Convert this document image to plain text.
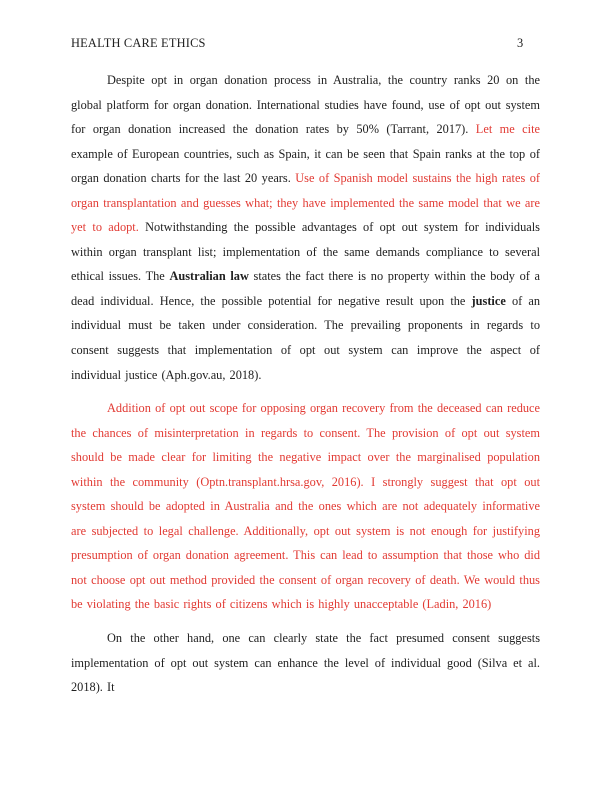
HEALTH CARE ETHICS	3

Despite opt in organ donation process in Australia, the country ranks 20 on the global platform for organ donation. International studies have found, use of opt out system for organ donation increased the donation rates by 50% (Tarrant, 2017). Let me cite example of European countries, such as Spain, it can be seen that Spain ranks at the top of organ donation charts for the last 20 years. Use of Spanish model sustains the high rates of organ transplantation and guesses what; they have implemented the same model that we are yet to adopt. Notwithstanding the possible advantages of opt out system for individuals within organ transplant list; implementation of the same demands compliance to several ethical issues. The Australian law states the fact there is no property within the body of a dead individual. Hence, the possible potential for negative result upon the justice of an individual must be taken under consideration. The prevailing proponents in regards to consent suggests that implementation of opt out system can improve the aspect of individual justice (Aph.gov.au, 2018).

Addition of opt out scope for opposing organ recovery from the deceased can reduce the chances of misinterpretation in regards to consent. The provision of opt out system should be made clear for limiting the negative impact over the marginalised population within the community (Optn.transplant.hrsa.gov, 2016). I strongly suggest that opt out system should be adopted in Australia and the ones which are not adequately informative are subjected to legal challenge. Additionally, opt out system is not enough for justifying presumption of organ donation agreement. This can lead to assumption that those who did not choose opt out method provided the consent of organ recovery of death. We would thus be violating the basic rights of citizens which is highly unacceptable (Ladin, 2016)

On the other hand, one can clearly state the fact presumed consent suggests implementation of opt out system can enhance the level of individual good (Silva et al. 2018). It
